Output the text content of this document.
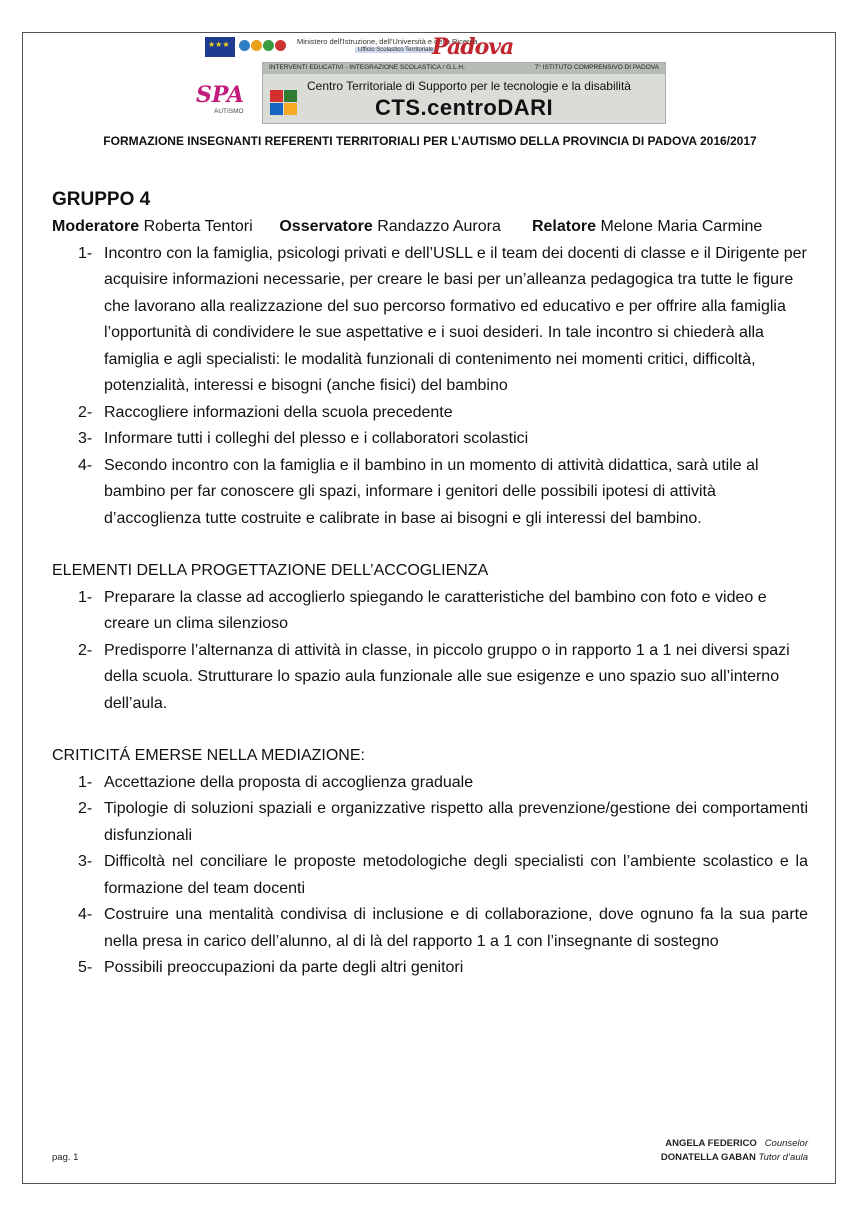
★★★
Ministero dell'Istruzione, dell'Università e della Ricerca
Ufficio Scolastico Territoriale
Padova
SPA
AUTISMO
INTERVENTI EDUCATIVI - INTEGRAZIONE SCOLASTICA / G.L.H.	7° ISTITUTO COMPRENSIVO DI PADOVA
Centro Territoriale di Supporto per le tecnologie e la disabilità
CTS.centroDARI
FORMAZIONE INSEGNANTI REFERENTI TERRITORIALI PER L’AUTISMO DELLA PROVINCIA DI PADOVA 2016/2017

GRUPPO 4

Moderatore Roberta Tentori Osservatore Randazzo Aurora Relatore Melone Maria Carmine

1- Incontro con la famiglia, psicologi privati e dell’USLL e il team dei docenti di classe e il Dirigente per acquisire informazioni necessarie, per creare le basi per un’alleanza pedagogica tra tutte le figure che lavorano alla realizzazione del suo percorso formativo ed educativo e per offrire alla famiglia l’opportunità di condividere le sue aspettative e i suoi desideri. In tale incontro si chiederà alla famiglia e agli specialisti: le modalità funzionali di contenimento nei momenti critici, difficoltà, potenzialità, interessi e bisogni (anche fisici) del bambino
2- Raccogliere informazioni della scuola precedente
3- Informare tutti i colleghi del plesso e i collaboratori scolastici
4- Secondo incontro con la famiglia e il bambino in un momento di attività didattica, sarà utile al bambino per far conoscere gli spazi, informare i genitori delle possibili ipotesi di attività d’accoglienza tutte costruite e calibrate in base ai bisogni e gli interessi del bambino.

ELEMENTI DELLA PROGETTAZIONE DELL’ACCOGLIENZA

1- Preparare la classe ad accoglierlo spiegando le caratteristiche del bambino con foto e video e creare un clima silenzioso
2- Predisporre l’alternanza di attività in classe, in piccolo gruppo o in rapporto 1 a 1 nei diversi spazi della scuola. Strutturare lo spazio aula funzionale alle sue esigenze e uno spazio suo all’interno dell’aula.

CRITICITÁ EMERSE NELLA MEDIAZIONE:

1- Accettazione della proposta di accoglienza graduale
2- Tipologie di soluzioni spaziali e organizzative rispetto alla prevenzione/gestione dei comportamenti disfunzionali
3- Difficoltà nel conciliare le proposte metodologiche degli specialisti con l’ambiente scolastico e la formazione del team docenti
4- Costruire una mentalità condivisa di inclusione e di collaborazione, dove ognuno fa la sua parte nella presa in carico dell’alunno, al di là del rapporto 1 a 1 con l’insegnante di sostegno
5- Possibili preoccupazioni da parte degli altri genitori
pag. 1
ANGELA FEDERICO Counselor
DONATELLA GABAN Tutor d’aula
